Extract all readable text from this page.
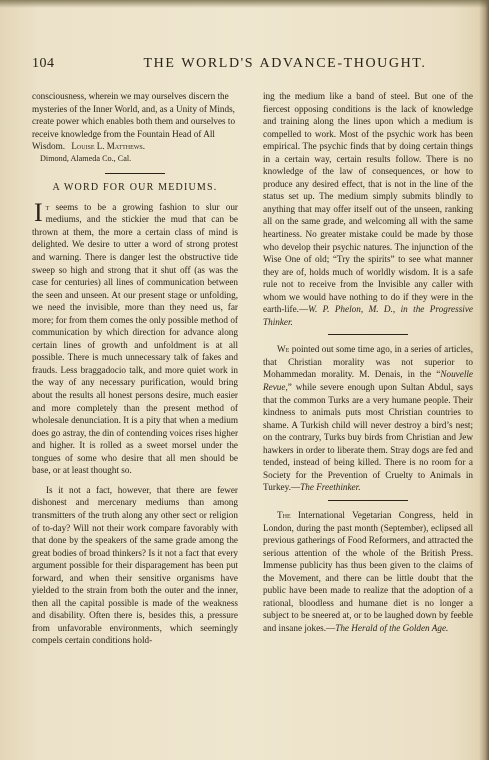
104	THE WORLD'S ADVANCE-THOUGHT.

consciousness, wherein we may ourselves discern the mysteries of the Inner World, and, as a Unity of Minds, create power which enables both them and ourselves to receive knowledge from the Fountain Head of All Wisdom. Louise L. Matthews.
Dimond, Alameda Co., Cal.
A WORD FOR OUR MEDIUMS.

It seems to be a growing fashion to slur our mediums, and the stickier the mud that can be thrown at them, the more a certain class of mind is delighted. We desire to utter a word of strong protest and warning. There is danger lest the obstructive tide sweep so high and strong that it shut off (as was the case for centuries) all lines of communication between the seen and unseen. At our present stage or unfolding, we need the invisible, more than they need us, far more; for from them comes the only possible method of communication by which direction for advance along certain lines of growth and unfoldment is at all possible. There is much unnecessary talk of fakes and frauds. Less braggadocio talk, and more quiet work in the way of any necessary purification, would bring about the results all honest persons desire, much easier and more completely than the present method of wholesale denunciation. It is a pity that when a medium does go astray, the din of contending voices rises higher and higher. It is rolled as a sweet morsel under the tongues of some who desire that all men should be base, or at least thought so.

Is it not a fact, however, that there are fewer dishonest and mercenary mediums than among transmitters of the truth along any other sect or religion of to-day? Will not their work compare favorably with that done by the speakers of the same grade among the great bodies of broad thinkers? Is it not a fact that every argument possible for their disparagement has been put forward, and when their sensitive organisms have yielded to the strain from both the outer and the inner, then all the capital possible is made of the weakness and disability. Often there is, besides this, a pressure from unfavorable environments, which seemingly compels certain conditions hold-

ing the medium like a band of steel. But one of the fiercest opposing conditions is the lack of knowledge and training along the lines upon which a medium is compelled to work. Most of the psychic work has been empirical. The psychic finds that by doing certain things in a certain way, certain results follow. There is no knowledge of the law of consequences, or how to produce any desired effect, that is not in the line of the status set up. The medium simply submits blindly to anything that may offer itself out of the unseen, ranking all on the same grade, and welcoming all with the same heartiness. No greater mistake could be made by those who develop their psychic natures. The injunction of the Wise One of old; “Try the spirits” to see what manner they are of, holds much of worldly wisdom. It is a safe rule not to receive from the Invisible any caller with whom we would have nothing to do if they were in the earth-life.—W. P. Phelon, M. D., in the Progressive Thinker.

We pointed out some time ago, in a series of articles, that Christian morality was not superior to Mohammedan morality. M. Denais, in the “Nouvelle Revue,” while severe enough upon Sultan Abdul, says that the common Turks are a very humane people. Their kindness to animals puts most Christian countries to shame. A Turkish child will never destroy a bird’s nest; on the contrary, Turks buy birds from Christian and Jew hawkers in order to liberate them. Stray dogs are fed and tended, instead of being killed. There is no room for a Society for the Prevention of Cruelty to Animals in Turkey.—The Freethinker.

The International Vegetarian Congress, held in London, during the past month (September), eclipsed all previous gatherings of Food Reformers, and attracted the serious attention of the whole of the British Press. Immense publicity has thus been given to the claims of the Movement, and there can be little doubt that the public have been made to realize that the adoption of a rational, bloodless and humane diet is no longer a subject to be sneered at, or to be laughed down by feeble and insane jokes.—The Herald of the Golden Age.
